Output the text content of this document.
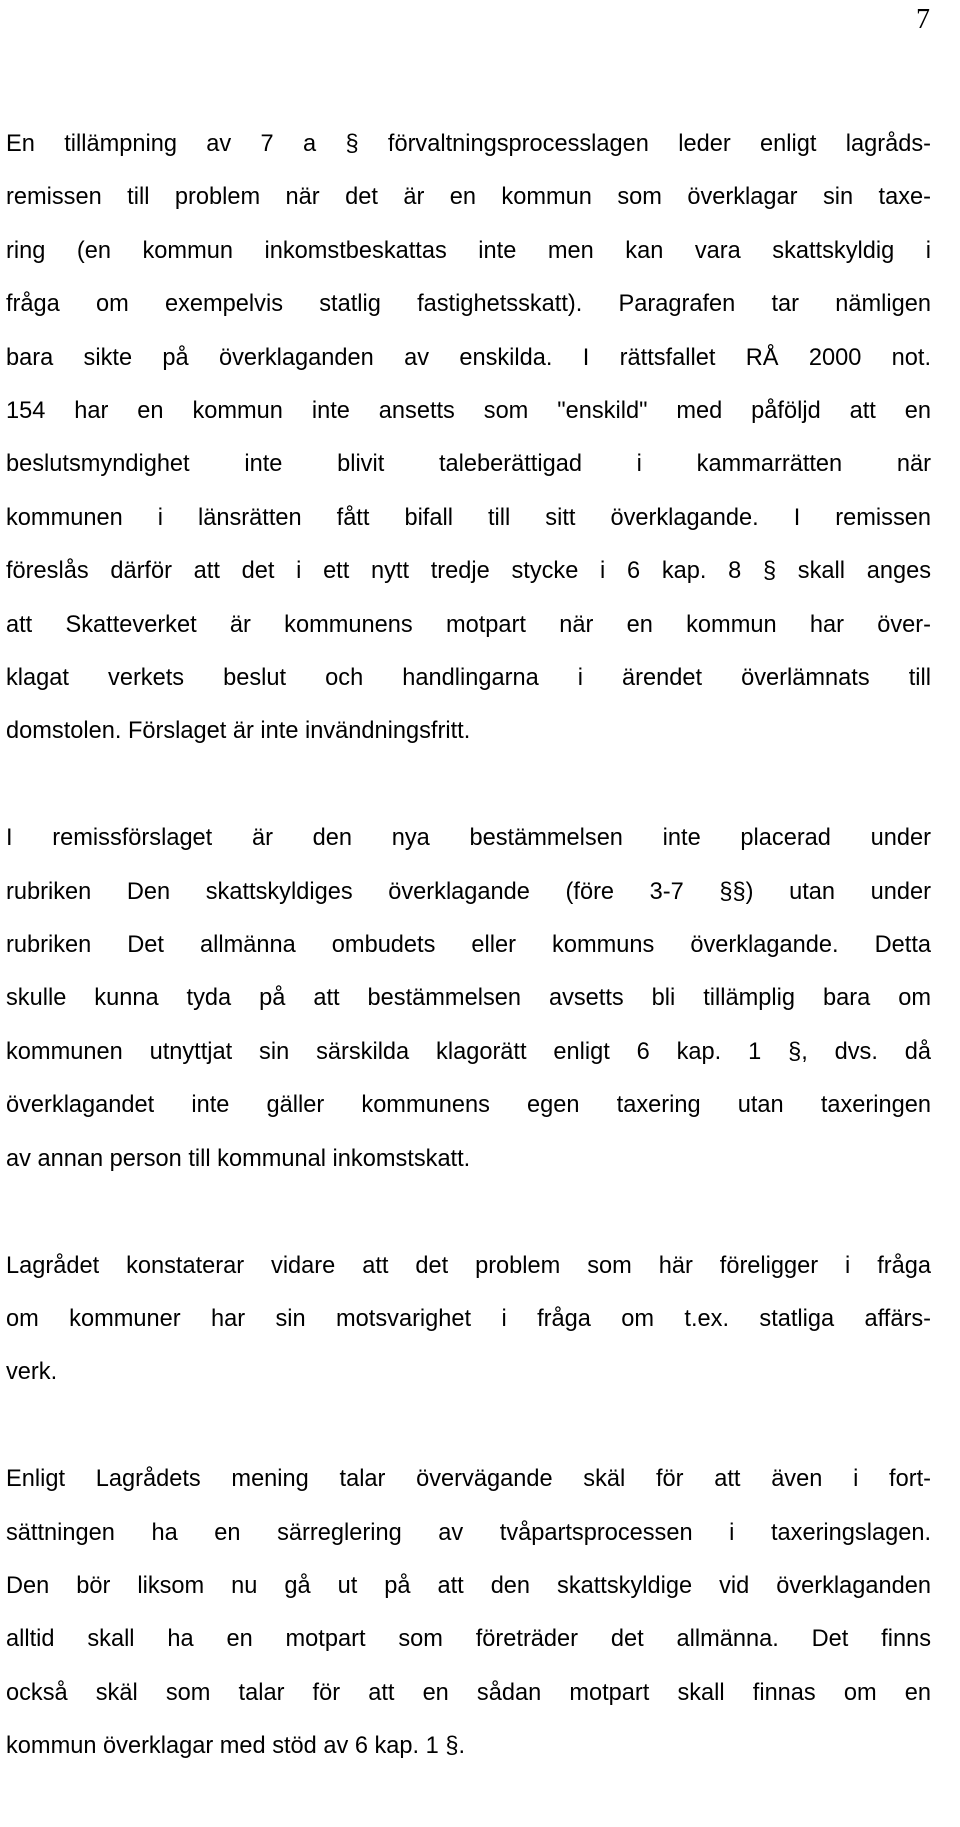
7
En tillämpning av 7 a § förvaltningsprocesslagen leder enligt lagråds-
remissen till problem när det är en kommun som överklagar sin taxe-
ring (en kommun inkomstbeskattas inte men kan vara skattskyldig i
fråga om exempelvis statlig fastighetsskatt). Paragrafen tar nämligen
bara sikte på överklaganden av enskilda. I rättsfallet RÅ 2000 not.
154 har en kommun inte ansetts som "enskild" med påföljd att en
beslutsmyndighet inte blivit taleberättigad i kammarrätten när
kommunen i länsrätten fått bifall till sitt överklagande. I remissen
föreslås därför att det i ett nytt tredje stycke i 6 kap. 8 § skall anges
att Skatteverket är kommunens motpart när en kommun har över-
klagat verkets beslut och handlingarna i ärendet överlämnats till
domstolen. Förslaget är inte invändningsfritt.
I remissförslaget är den nya bestämmelsen inte placerad under
rubriken Den skattskyldiges överklagande (före 3-7 §§) utan under
rubriken Det allmänna ombudets eller kommuns överklagande. Detta
skulle kunna tyda på att bestämmelsen avsetts bli tillämplig bara om
kommunen utnyttjat sin särskilda klagorätt enligt 6 kap. 1 §, dvs. då
överklagandet inte gäller kommunens egen taxering utan taxeringen
av annan person till kommunal inkomstskatt.
Lagrådet konstaterar vidare att det problem som här föreligger i fråga
om kommuner har sin motsvarighet i fråga om t.ex. statliga affärs-
verk.
Enligt Lagrådets mening talar övervägande skäl för att även i fort-
sättningen ha en särreglering av tvåpartsprocessen i taxeringslagen.
Den bör liksom nu gå ut på att den skattskyldige vid överklaganden
alltid skall ha en motpart som företräder det allmänna. Det finns
också skäl som talar för att en sådan motpart skall finnas om en
kommun överklagar med stöd av 6 kap. 1 §.
